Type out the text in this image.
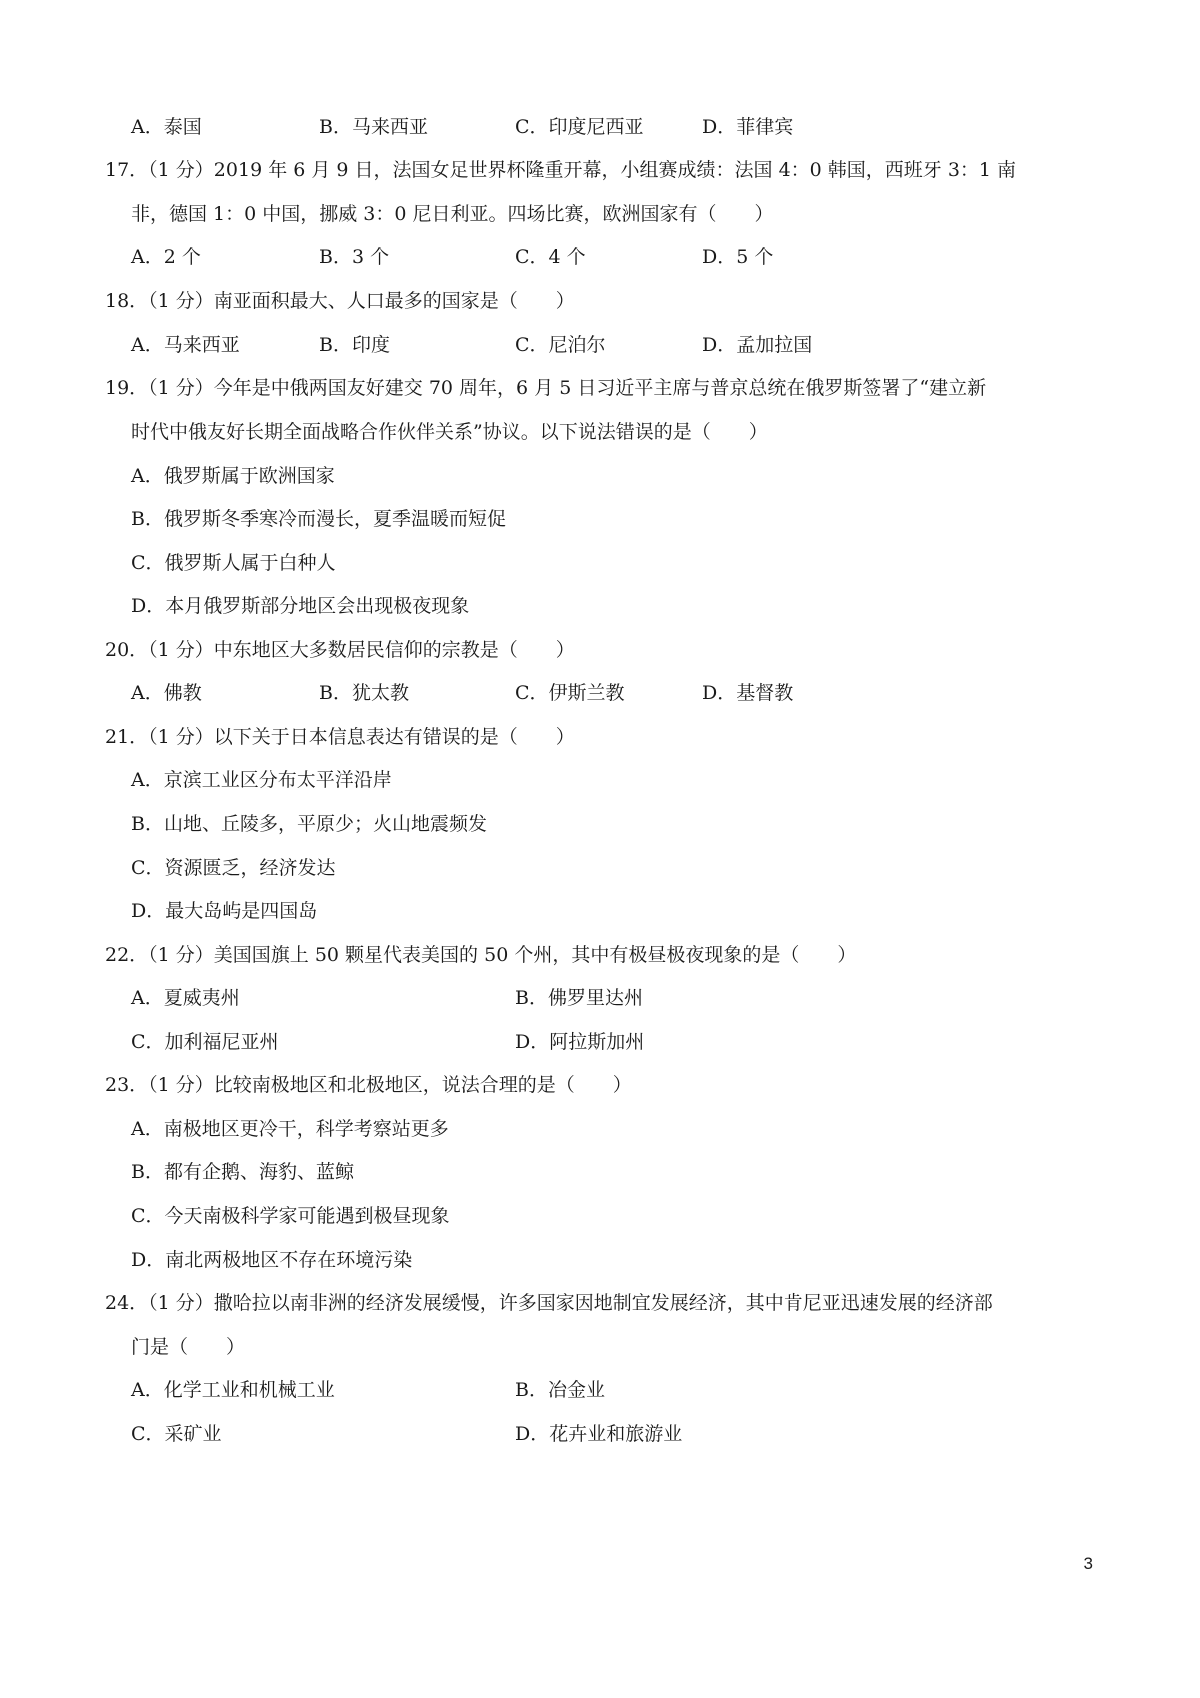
A．泰国	B．马来西亚	C．印度尼西亚	D．菲律宾
17．（1 分）2019 年 6 月 9 日，法国女足世界杯隆重开幕，小组赛成绩：法国 4：0 韩国，西班牙 3：1 南
非，德国 1：0 中国，挪威 3：0 尼日利亚。四场比赛，欧洲国家有（　　）
A．2 个	B．3 个	C．4 个	D．5 个
18．（1 分）南亚面积最大、人口最多的国家是（　　）
A．马来西亚	B．印度	C．尼泊尔	D．孟加拉国
19．（1 分）今年是中俄两国友好建交 70 周年，6 月 5 日习近平主席与普京总统在俄罗斯签署了“建立新
时代中俄友好长期全面战略合作伙伴关系”协议。以下说法错误的是（　　）
A．俄罗斯属于欧洲国家
B．俄罗斯冬季寒冷而漫长，夏季温暖而短促
C．俄罗斯人属于白种人
D．本月俄罗斯部分地区会出现极夜现象
20．（1 分）中东地区大多数居民信仰的宗教是（　　）
A．佛教	B．犹太教	C．伊斯兰教	D．基督教
21．（1 分）以下关于日本信息表达有错误的是（　　）
A．京滨工业区分布太平洋沿岸
B．山地、丘陵多，平原少；火山地震频发
C．资源匮乏，经济发达
D．最大岛屿是四国岛
22．（1 分）美国国旗上 50 颗星代表美国的 50 个州，其中有极昼极夜现象的是（　　）
A．夏威夷州	B．佛罗里达州
C．加利福尼亚州	D．阿拉斯加州
23．（1 分）比较南极地区和北极地区，说法合理的是（　　）
A．南极地区更冷干，科学考察站更多
B．都有企鹅、海豹、蓝鲸
C．今天南极科学家可能遇到极昼现象
D．南北两极地区不存在环境污染
24．（1 分）撒哈拉以南非洲的经济发展缓慢，许多国家因地制宜发展经济，其中肯尼亚迅速发展的经济部
门是（　　）
A．化学工业和机械工业	B．冶金业
C．采矿业	D．花卉业和旅游业
3
